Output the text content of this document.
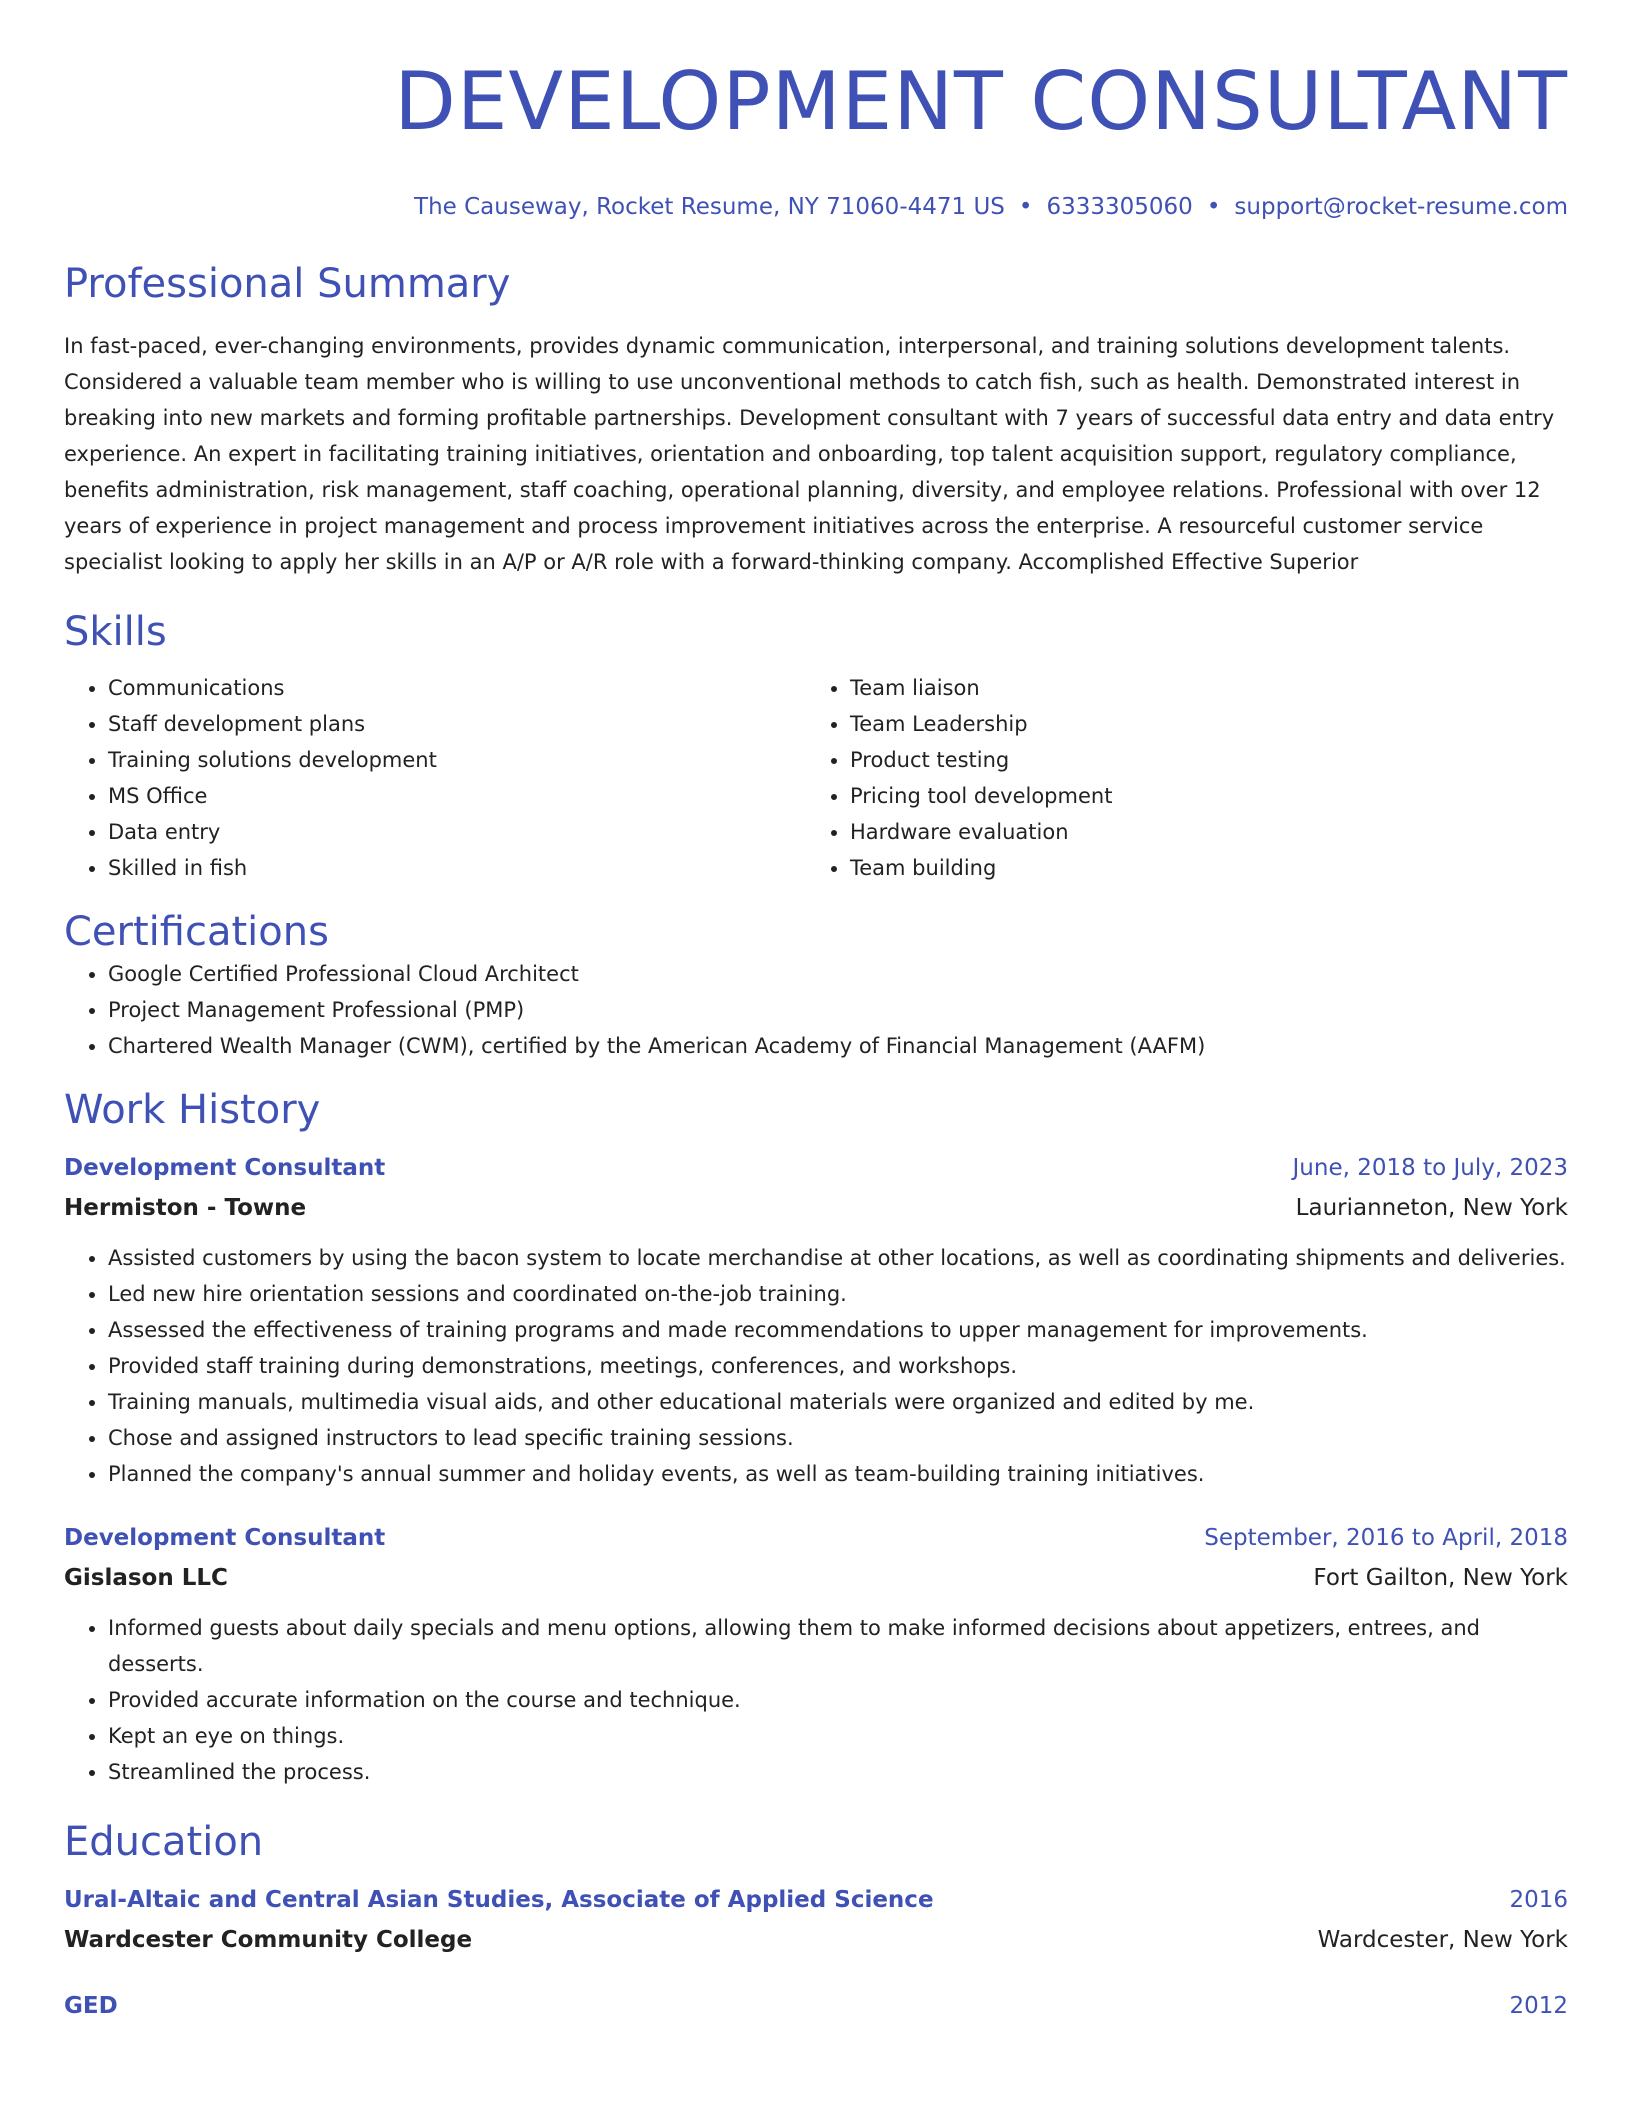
DEVELOPMENT CONSULTANT
The Causeway, Rocket Resume, NY 71060-4471 US • 6333305060 • support@rocket-resume.com
Professional Summary
In fast-paced, ever-changing environments, provides dynamic communication, interpersonal, and training solutions development talents. Considered a valuable team member who is willing to use unconventional methods to catch fish, such as health. Demonstrated interest in breaking into new markets and forming profitable partnerships. Development consultant with 7 years of successful data entry and data entry experience. An expert in facilitating training initiatives, orientation and onboarding, top talent acquisition support, regulatory compliance, benefits administration, risk management, staff coaching, operational planning, diversity, and employee relations. Professional with over 12 years of experience in project management and process improvement initiatives across the enterprise. A resourceful customer service specialist looking to apply her skills in an A/P or A/R role with a forward-thinking company. Accomplished Effective Superior
Skills
• Communications
• Staff development plans
• Training solutions development
• MS Office
• Data entry
• Skilled in fish
• Team liaison
• Team Leadership
• Product testing
• Pricing tool development
• Hardware evaluation
• Team building
Certifications
• Google Certified Professional Cloud Architect
• Project Management Professional (PMP)
• Chartered Wealth Manager (CWM), certified by the American Academy of Financial Management (AAFM)
Work History
Development Consultant	June, 2018 to July, 2023
Hermiston - Towne	Laurianneton, New York
• Assisted customers by using the bacon system to locate merchandise at other locations, as well as coordinating shipments and deliveries.
• Led new hire orientation sessions and coordinated on-the-job training.
• Assessed the effectiveness of training programs and made recommendations to upper management for improvements.
• Provided staff training during demonstrations, meetings, conferences, and workshops.
• Training manuals, multimedia visual aids, and other educational materials were organized and edited by me.
• Chose and assigned instructors to lead specific training sessions.
• Planned the company's annual summer and holiday events, as well as team-building training initiatives.
Development Consultant	September, 2016 to April, 2018
Gislason LLC	Fort Gailton, New York
• Informed guests about daily specials and menu options, allowing them to make informed decisions about appetizers, entrees, and desserts.
• Provided accurate information on the course and technique.
• Kept an eye on things.
• Streamlined the process.
Education
Ural-Altaic and Central Asian Studies, Associate of Applied Science	2016
Wardcester Community College	Wardcester, New York
GED	2012
